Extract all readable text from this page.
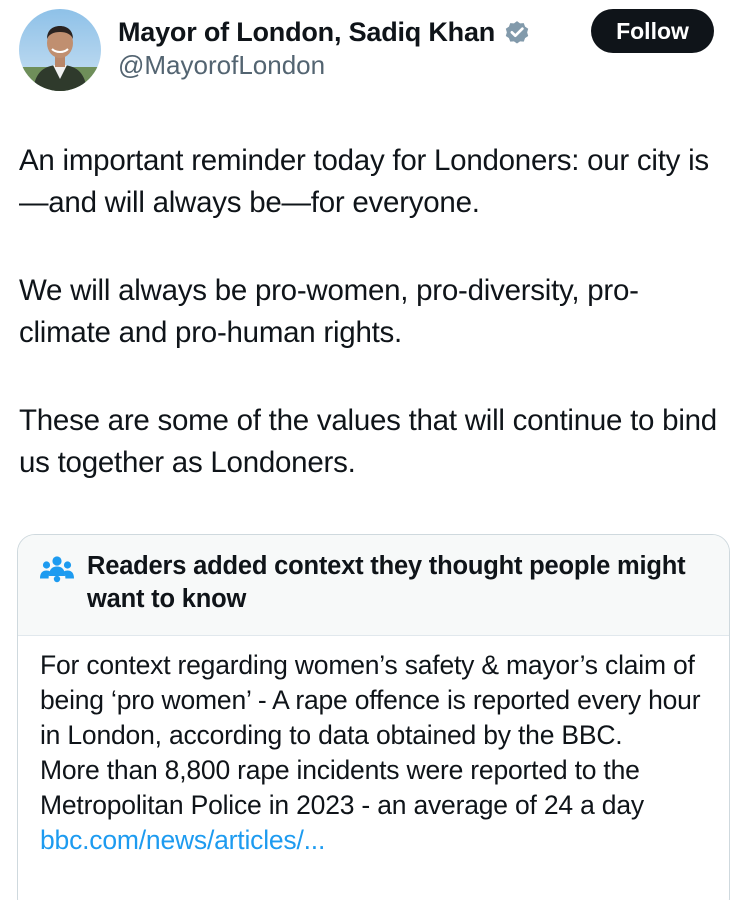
Mayor of London, Sadiq Khan
@MayorofLondon
Follow

An important reminder today for Londoners: our city is—and will always be—for everyone.

We will always be pro-women, pro-diversity, pro-climate and pro-human rights.

These are some of the values that will continue to bind us together as Londoners.

Readers added context they thought people might want to know
For context regarding women’s safety & mayor’s claim of being ‘pro women’ - A rape offence is reported every hour in London, according to data obtained by the BBC.
More than 8,800 rape incidents were reported to the Metropolitan Police in 2023 - an average of 24 a day bbc.com/news/articles/...
